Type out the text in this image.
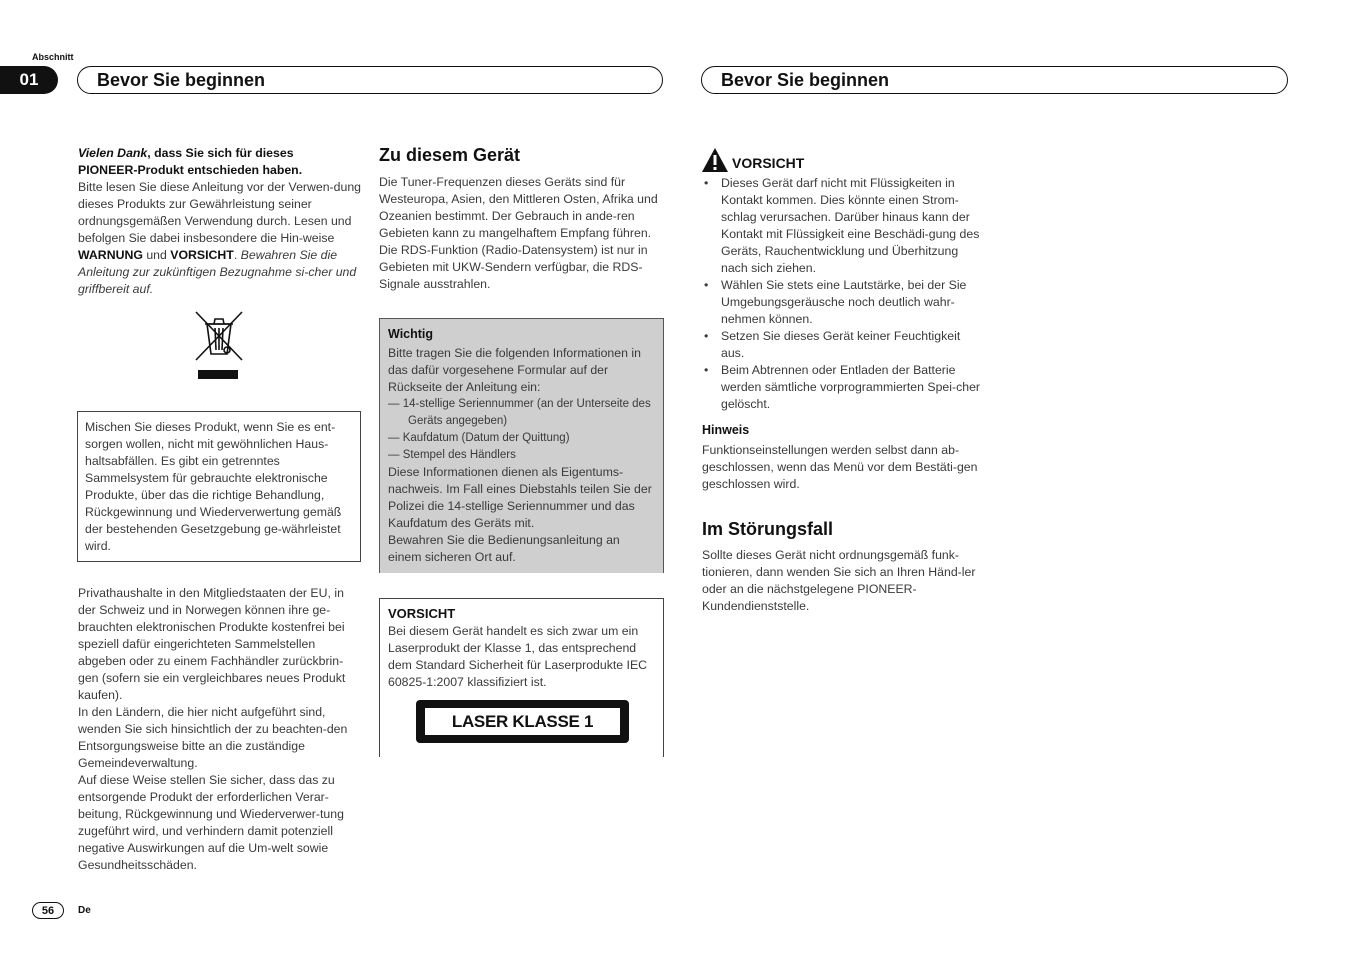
Abschnitt
01	Bevor Sie beginnen	Bevor Sie beginnen

Vielen Dank, dass Sie sich für dieses
PIONEER-Produkt entschieden haben.

Bitte lesen Sie diese Anleitung vor der Verwen-dung dieses Produkts zur Gewährleistung seiner ordnungsgemäßen Verwendung durch. Lesen und befolgen Sie dabei insbesondere die Hin-weise WARNUNG und VORSICHT. Bewahren Sie die Anleitung zur zukünftigen Bezugnahme si-cher und griffbereit auf.

Mischen Sie dieses Produkt, wenn Sie es ent-sorgen wollen, nicht mit gewöhnlichen Haus-haltsabfällen. Es gibt ein getrenntes Sammelsystem für gebrauchte elektronische Produkte, über das die richtige Behandlung, Rückgewinnung und Wiederverwertung gemäß der bestehenden Gesetzgebung ge-währleistet wird.

Privathaushalte in den Mitgliedstaaten der EU, in der Schweiz und in Norwegen können ihre ge-brauchten elektronischen Produkte kostenfrei bei speziell dafür eingerichteten Sammelstellen abgeben oder zu einem Fachhändler zurückbrin-gen (sofern sie ein vergleichbares neues Produkt kaufen).

In den Ländern, die hier nicht aufgeführt sind, wenden Sie sich hinsichtlich der zu beachten-den Entsorgungsweise bitte an die zuständige Gemeindeverwaltung.

Auf diese Weise stellen Sie sicher, dass das zu entsorgende Produkt der erforderlichen Verar-beitung, Rückgewinnung und Wiederverwer-tung zugeführt wird, und verhindern damit potenziell negative Auswirkungen auf die Um-welt sowie Gesundheitsschäden.

Zu diesem Gerät
Die Tuner-Frequenzen dieses Geräts sind für Westeuropa, Asien, den Mittleren Osten, Afrika und Ozeanien bestimmt. Der Gebrauch in ande-ren Gebieten kann zu mangelhaftem Empfang führen. Die RDS-Funktion (Radio-Datensystem) ist nur in Gebieten mit UKW-Sendern verfügbar, die RDS-Signale ausstrahlen.

Wichtig

Bitte tragen Sie die folgenden Informationen in das dafür vorgesehene Formular auf der Rückseite der Anleitung ein:

— 14-stellige Seriennummer (an der Unterseite des Geräts angegeben)

— Kaufdatum (Datum der Quittung)

— Stempel des Händlers

Diese Informationen dienen als Eigentums-nachweis. Im Fall eines Diebstahls teilen Sie der Polizei die 14-stellige Seriennummer und das Kaufdatum des Geräts mit.

Bewahren Sie die Bedienungsanleitung an einem sicheren Ort auf.

VORSICHT

Bei diesem Gerät handelt es sich zwar um ein Laserprodukt der Klasse 1, das entsprechend dem Standard Sicherheit für Laserprodukte IEC 60825-1:2007 klassifiziert ist.

LASER KLASSE 1
VORSICHT
• Dieses Gerät darf nicht mit Flüssigkeiten in Kontakt kommen. Dies könnte einen Strom-schlag verursachen. Darüber hinaus kann der Kontakt mit Flüssigkeit eine Beschädi-gung des Geräts, Rauchentwicklung und Überhitzung nach sich ziehen.
• Wählen Sie stets eine Lautstärke, bei der Sie Umgebungsgeräusche noch deutlich wahr-nehmen können.
• Setzen Sie dieses Gerät keiner Feuchtigkeit aus.
• Beim Abtrennen oder Entladen der Batterie werden sämtliche vorprogrammierten Spei-cher gelöscht.
Hinweis
Funktionseinstellungen werden selbst dann ab-geschlossen, wenn das Menü vor dem Bestäti-gen geschlossen wird.
Im Störungsfall
Sollte dieses Gerät nicht ordnungsgemäß funk-tionieren, dann wenden Sie sich an Ihren Händ-ler oder an die nächstgelegene PIONEER-Kundendienststelle.
56	De
